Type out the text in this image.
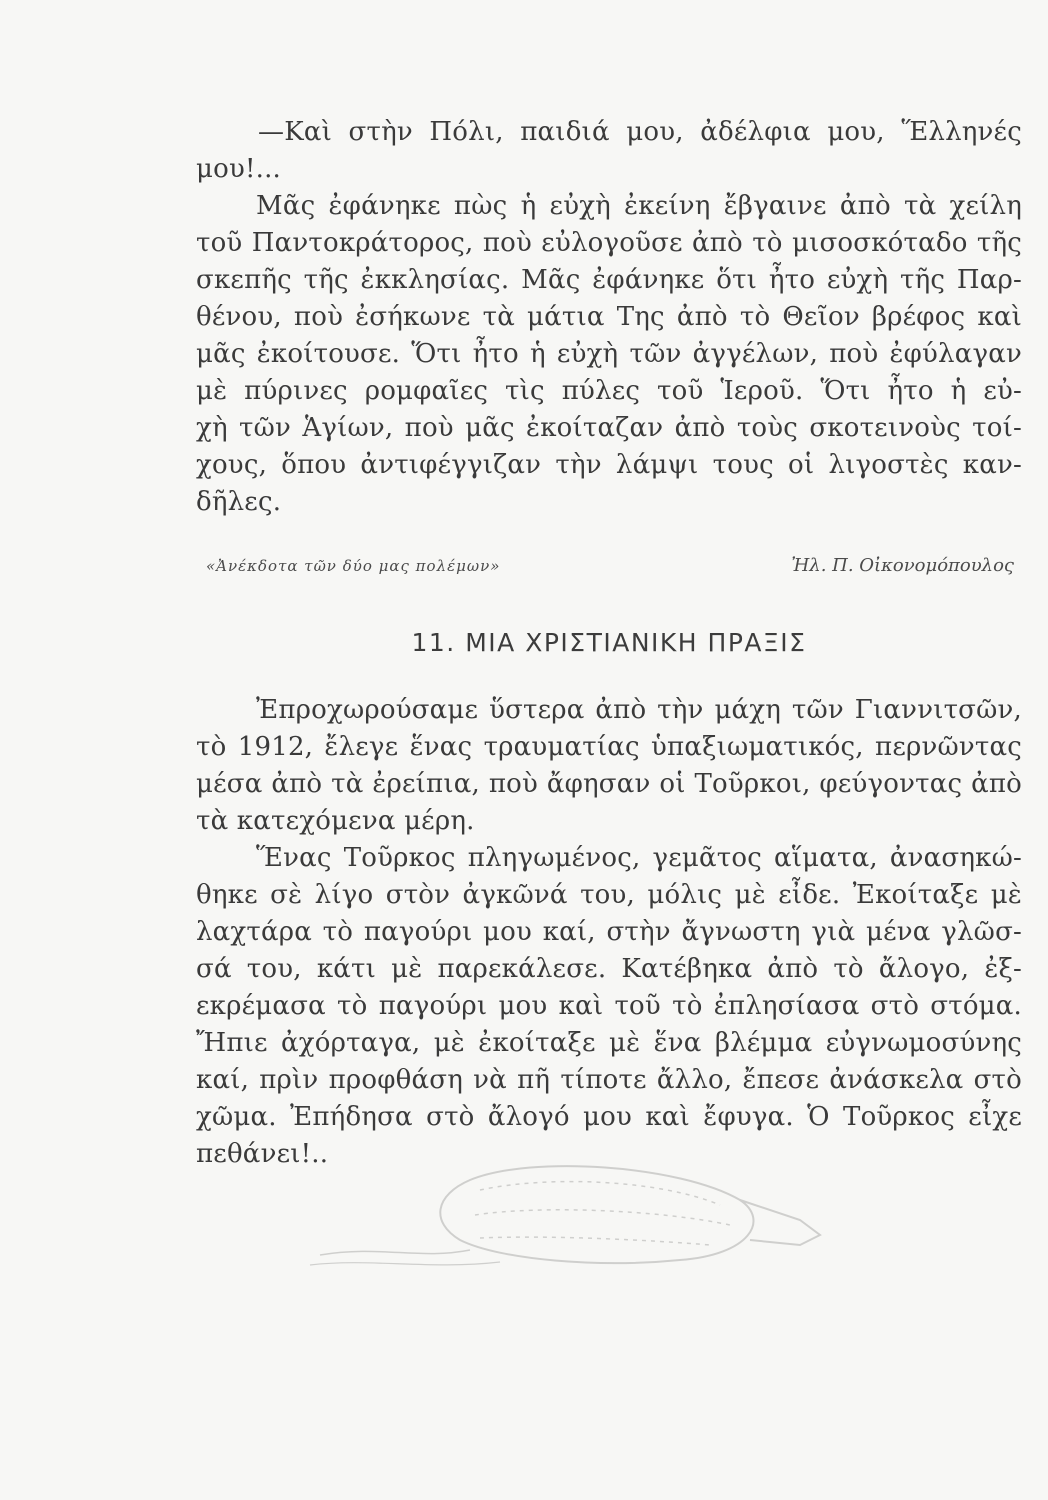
—Καὶ στὴν Πόλι, παιδιά μου, ἀδέλφια μου, Ἕλληνές
μου!...
Μᾶς ἐφάνηκε πὼς ἡ εὐχὴ ἐκείνη ἔβγαινε ἀπὸ τὰ χείλη
τοῦ Παντοκράτορος, ποὺ εὐλογοῦσε ἀπὸ τὸ μισοσκόταδο τῆς
σκεπῆς τῆς ἐκκλησίας. Μᾶς ἐφάνηκε ὅτι ἦτο εὐχὴ τῆς Παρ-
θένου, ποὺ ἐσήκωνε τὰ μάτια Της ἀπὸ τὸ Θεῖον βρέφος καὶ
μᾶς ἐκοίτουσε. Ὅτι ἦτο ἡ εὐχὴ τῶν ἀγγέλων, ποὺ ἐφύλαγαν
μὲ πύρινες ρομφαῖες τὶς πύλες τοῦ Ἱεροῦ. Ὅτι ἦτο ἡ εὐ-
χὴ τῶν Ἁγίων, ποὺ μᾶς ἐκοίταζαν ἀπὸ τοὺς σκοτεινοὺς τοί-
χους, ὅπου ἀντιφέγγιζαν τὴν λάμψι τους οἱ λιγοστὲς καν-
δῆλες.
«Ἀνέκδοτα τῶν δύο μας πολέμων»	Ἠλ. Π. Οἰκονομόπουλος
11. ΜΙΑ ΧΡΙΣΤΙΑΝΙΚΗ ΠΡΑΞΙΣ
Ἐπροχωρούσαμε ὕστερα ἀπὸ τὴν μάχη τῶν Γιαννιτσῶν,
τὸ 1912, ἔλεγε ἕνας τραυματίας ὑπαξιωματικός, περνῶντας
μέσα ἀπὸ τὰ ἐρείπια, ποὺ ἄφησαν οἱ Τοῦρκοι, φεύγοντας ἀπὸ
τὰ κατεχόμενα μέρη.
Ἕνας Τοῦρκος πληγωμένος, γεμᾶτος αἵματα, ἀνασηκώ-
θηκε σὲ λίγο στὸν ἀγκῶνά του, μόλις μὲ εἶδε. Ἐκοίταξε μὲ
λαχτάρα τὸ παγούρι μου καί, στὴν ἄγνωστη γιὰ μένα γλῶσ-
σά του, κάτι μὲ παρεκάλεσε. Κατέβηκα ἀπὸ τὸ ἄλογο, ἐξ-
εκρέμασα τὸ παγούρι μου καὶ τοῦ τὸ ἐπλησίασα στὸ στόμα.
Ἤπιε ἀχόρταγα, μὲ ἐκοίταξε μὲ ἕνα βλέμμα εὐγνωμοσύνης
καί, πρὶν προφθάση νὰ πῆ τίποτε ἄλλο, ἔπεσε ἀνάσκελα στὸ
χῶμα. Ἐπήδησα στὸ ἄλογό μου καὶ ἔφυγα. Ὁ Τοῦρκος εἶχε
πεθάνει!..
